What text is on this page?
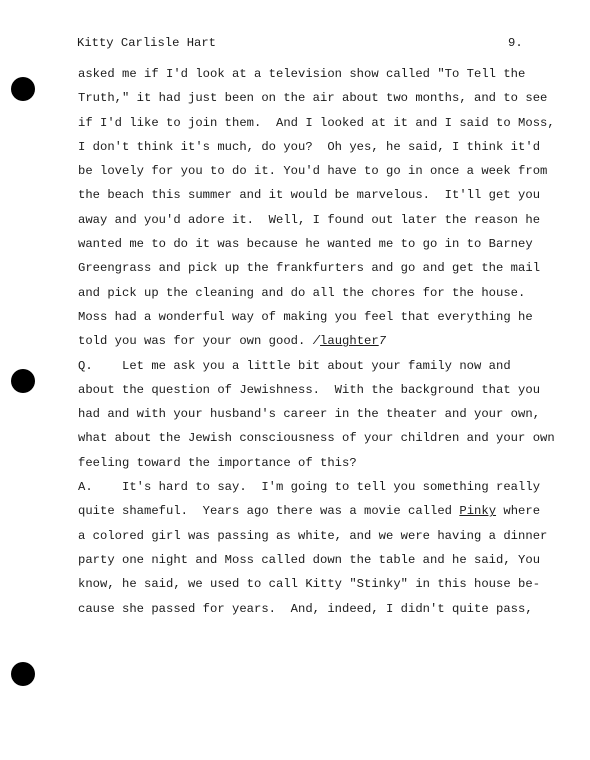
Kitty Carlisle Hart	9.
asked me if I'd look at a television show called "To Tell the
Truth," it had just been on the air about two months, and to see
if I'd like to join them.  And I looked at it and I said to Moss,
I don't think it's much, do you?  Oh yes, he said, I think it'd
be lovely for you to do it. You'd have to go in once a week from
the beach this summer and it would be marvelous.  It'll get you
away and you'd adore it.  Well, I found out later the reason he
wanted me to do it was because he wanted me to go in to Barney
Greengrass and pick up the frankfurters and go and get the mail
and pick up the cleaning and do all the chores for the house.
Moss had a wonderful way of making you feel that everything he
told you was for your own good. /laughter7
Q.    Let me ask you a little bit about your family now and
about the question of Jewishness.  With the background that you
had and with your husband's career in the theater and your own,
what about the Jewish consciousness of your children and your own
feeling toward the importance of this?
A.    It's hard to say.  I'm going to tell you something really
quite shameful.  Years ago there was a movie called Pinky where
a colored girl was passing as white, and we were having a dinner
party one night and Moss called down the table and he said, You
know, he said, we used to call Kitty "Stinky" in this house be-
cause she passed for years.  And, indeed, I didn't quite pass,
